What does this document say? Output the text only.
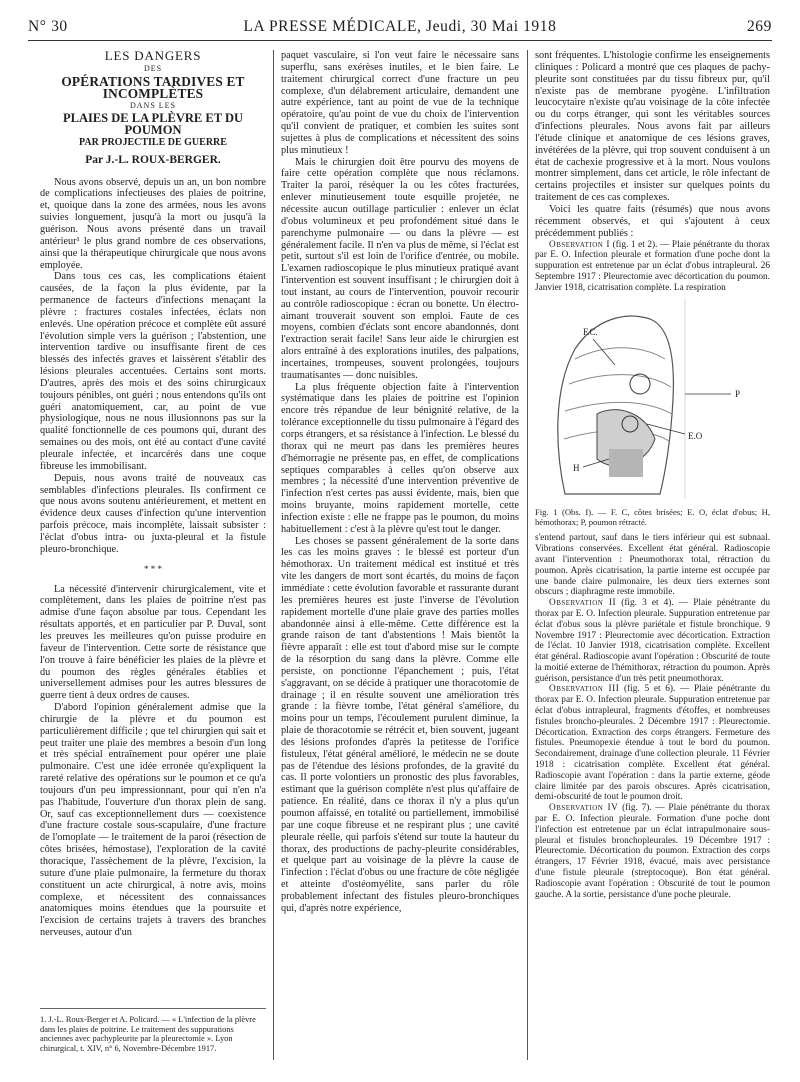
N° 30	LA PRESSE MÉDICALE, Jeudi, 30 Mai 1918	269
LES DANGERS
DES
OPÉRATIONS TARDIVES ET INCOMPLÈTES
DANS LES
PLAIES DE LA PLÈVRE ET DU POUMON
PAR PROJECTILE DE GUERRE
Par J.-L. ROUX-BERGER.

Nous avons observé, depuis un an, un bon nombre de complications infectieuses des plaies de poitrine, et, quoique dans la zone des armées, nous les avons suivies longuement, jusqu'à la mort ou jusqu'à la guérison. Nous avons présenté dans un travail antérieur¹ le plus grand nombre de ces observations, ainsi que la thérapeutique chirurgicale que nous avons employée.

Dans tous ces cas, les complications étaient causées, de la façon la plus évidente, par la permanence de facteurs d'infections menaçant la plèvre : fractures costales infectées, éclats non enlevés. Une opération précoce et complète eût assuré l'évolution simple vers la guérison ; l'abstention, une intervention tardive ou insuffisante firent de ces blessés des infectés graves et laissèrent s'établir des lésions pleurales accentuées. Certains sont morts. D'autres, après des mois et des soins chirurgicaux toujours pénibles, ont guéri ; nous entendons qu'ils ont guéri anatomiquement, car, au point de vue physiologique, nous ne nous illusionnons pas sur la qualité fonctionnelle de ces poumons qui, durant des semaines ou des mois, ont été au contact d'une cavité pleurale infectée, et incarcérés dans une coque fibreuse les immobilisant.

Depuis, nous avons traité de nouveaux cas semblables d'infections pleurales. Ils confirment ce que nous avons soutenu antérieurement, et mettent en évidence deux causes d'infection qu'une intervention parfois précoce, mais incomplète, laissait subsister : l'éclat d'obus intra- ou juxta-pleural et la fistule pleuro-bronchique.

* * *

La nécessité d'intervenir chirurgicalement, vite et complètement, dans les plaies de poitrine n'est pas admise d'une façon absolue par tous. Cependant les résultats apportés, et en particulier par P. Duval, sont les preuves les meilleures qu'on puisse produire en faveur de l'intervention. Cette sorte de résistance que l'on trouve à faire bénéficier les plaies de la plèvre et du poumon des règles générales établies et universellement admises pour les autres blessures de guerre tient à deux ordres de causes.

D'abord l'opinion généralement admise que la chirurgie de la plèvre et du poumon est particulièrement difficile ; que tel chirurgien qui sait et peut traiter une plaie des membres a besoin d'un long et très spécial entraînement pour opérer une plaie pulmonaire. C'est une idée erronée qu'expliquent la rareté relative des opérations sur le poumon et ce qu'a toujours d'un peu impressionnant, pour qui n'en n'a pas l'habitude, l'ouverture d'un thorax plein de sang. Or, sauf cas exceptionnellement durs — coexistence d'une fracture costale sous-scapulaire, d'une fracture de l'omoplate — le traitement de la paroi (résection de côtes brisées, hémostase), l'exploration de la cavité thoracique, l'assèchement de la plèvre, l'excision, la suture d'une plaie pulmonaire, la fermeture du thorax constituent un acte chirurgical, à notre avis, moins complexe, et nécessitent des connaissances anatomiques moins étendues que la poursuite et l'excision de certains trajets à travers des branches nerveuses, autour d'un

1. J.-L. Roux-Berger et A. Policard. — « L'infection de la plèvre dans les plaies de poitrine. Le traitement des suppurations anciennes avec pachypleurite par la pleurectomie ». Lyon chirurgical, t. XIV, n° 6, Novembre-Décembre 1917.

paquet vasculaire, si l'on veut faire le nécessaire sans superflu, sans exérèses inutiles, et le bien faire. Le traitement chirurgical correct d'une fracture un peu complexe, d'un délabrement articulaire, demandent une autre expérience, tant au point de vue de la technique opératoire, qu'au point de vue du choix de l'intervention qu'il convient de pratiquer, et combien les suites sont sujettes à plus de complications et nécessitent des soins plus minutieux !

Mais le chirurgien doit être pourvu des moyens de faire cette opération complète que nous réclamons. Traiter la paroi, réséquer la ou les côtes fracturées, enlever minutieusement toute esquille projetée, ne nécessite aucun outillage particulier : enlever un éclat d'obus volumineux et peu profondément situé dans le parenchyme pulmonaire — ou dans la plèvre — est généralement facile. Il n'en va plus de même, si l'éclat est petit, surtout s'il est loin de l'orifice d'entrée, ou mobile. L'examen radioscopique le plus minutieux pratiqué avant l'intervention est souvent insuffisant ; le chirurgien doit à tout instant, au cours de l'intervention, pouvoir recourir au contrôle radioscopique : écran ou bonette. Un électro-aimant trouverait souvent son emploi. Faute de ces moyens, combien d'éclats sont encore abandonnés, dont l'extraction serait facile! Sans leur aide le chirurgien est alors entraîné à des explorations inutiles, des palpations, incertaines, trompeuses, souvent prolongées, toujours traumatisantes — donc nuisibles.

La plus fréquente objection faite à l'intervention systématique dans les plaies de poitrine est l'opinion encore très répandue de leur bénignité relative, de la tolérance exceptionnelle du tissu pulmonaire à l'égard des corps étrangers, et sa résistance à l'infection. Le blessé du thorax qui ne meurt pas dans les premières heures d'hémorragie ne présente pas, en effet, de complications septiques comparables à celles qu'on observe aux membres ; la nécessité d'une intervention préventive de l'infection n'est certes pas aussi évidente, mais, bien que moins bruyante, moins rapidement mortelle, cette infection existe : elle ne frappe pas le poumon, du moins habituellement : c'est à la plèvre qu'est tout le danger.

Les choses se passent généralement de la sorte dans les cas les moins graves : le blessé est porteur d'un hémothorax. Un traitement médical est institué et très vite les dangers de mort sont écartés, du moins de façon immédiate : cette évolution favorable et rassurante durant les premières heures est juste l'inverse de l'évolution rapidement mortelle d'une plaie grave des parties molles abandonnée ainsi à elle-même. Cette différence est la grande raison de tant d'abstentions ! Mais bientôt la fièvre apparaît : elle est tout d'abord mise sur le compte de la résorption du sang dans la plèvre. Comme elle persiste, on ponctionne l'épanchement ; puis, l'état s'aggravant, on se décide à pratiquer une thoracotomie de drainage ; il en résulte souvent une amélioration très grande : la fièvre tombe, l'état général s'améliore, du moins pour un temps, l'écoulement purulent diminue, la plaie de thoracotomie se rétrécit et, bien souvent, jugeant des lésions profondes d'après la petitesse de l'orifice fistuleux, l'état général amélioré, le médecin ne se doute pas de l'étendue des lésions profondes, de la gravité du cas. Il porte volontiers un pronostic des plus favorables, estimant que la guérison complète n'est plus qu'affaire de patience. En réalité, dans ce thorax il n'y a plus qu'un poumon affaissé, en totalité ou partiellement, immobilisé par une coque fibreuse et ne respirant plus ; une cavité pleurale réelle, qui parfois s'étend sur toute la hauteur du thorax, des productions de pachy-pleurite considérables, et quelque part au voisinage de la plèvre la cause de l'infection : l'éclat d'obus ou une fracture de côte négligée et atteinte d'ostéomyélite, sans parler du rôle probablement infectant des fistules pleuro-bronchiques qui, d'après notre expérience,

sont fréquentes. L'histologie confirme les enseignements cliniques : Policard a montré que ces plaques de pachy-pleurite sont constituées par du tissu fibreux pur, qu'il n'existe pas de membrane pyogène. L'infiltration leucocytaire n'existe qu'au voisinage de la côte infectée ou du corps étranger, qui sont les véritables sources d'infections pleurales. Nous avons fait par ailleurs l'étude clinique et anatomique de ces lésions graves, invétérées de la plèvre, qui trop souvent conduisent à un état de cachexie progressive et à la mort. Nous voulons montrer simplement, dans cet article, le rôle infectant de certains projectiles et insister sur quelques points du traitement de ces cas complexes.

Voici les quatre faits (résumés) que nous avons récemment observés, et qui s'ajoutent à ceux précédemment publiés :

Observation I (fig. 1 et 2). — Plaie pénétrante du thorax par E. O. Infection pleurale et formation d'une poche dont la suppuration est entretenue par un éclat d'obus intrapleural. 26 Septembre 1917 : Pleurectomie avec décortication du poumon. Janvier 1918, cicatrisation complète. La respiration

F.C.
P
E.O
H
Fig. 1 (Obs. I). — F. C, côtes brisées; E. O, éclat d'obus; H, hémothorax; P, poumon rétracté.

s'entend partout, sauf dans le tiers inférieur qui est subnaal. Vibrations conservées. Excellent état général. Radioscopie avant l'intervention : Pneumothorax total, rétraction du poumon. Après cicatrisation, la partie interne est occupée par une bande claire pulmonaire, les deux tiers externes sont obscurs ; diaphragme reste immobile.

Observation II (fig. 3 et 4). — Plaie pénétrante du thorax par E. O. Infection pleurale. Suppuration entretenue par éclat d'obus sous la plèvre pariétale et fistule bronchique. 9 Novembre 1917 : Pleurectomie avec décortication. Extraction de l'éclat. 10 Janvier 1918, cicatrisation complète. Excellent état général. Radioscopie avant l'opération : Obscurité de toute la moitié externe de l'hémithorax, rétraction du poumon. Après guérison, persistance d'un très petit pneumothorax.

Observation III (fig. 5 et 6). — Plaie pénétrante du thorax par E. O. Infection pleurale. Suppuration entretenue par éclat d'obus intrapleural, fragments d'étoffes, et nombreuses fistules broncho-pleurales. 2 Décembre 1917 : Pleurectomie. Décortication. Extraction des corps étrangers. Fermeture des fistules. Pneumopexie étendue à tout le bord du poumon. Secondairement, drainage d'une collection pleurale. 11 Février 1918 : cicatrisation complète. Excellent état général. Radioscopie avant l'opération : dans la partie externe, géode claire limitée par des parois obscures. Après cicatrisation, demi-obscurité de tout le poumon droit.

Observation IV (fig. 7). — Plaie pénétrante du thorax par E. O. Infection pleurale. Formation d'une poche dont l'infection est entretenue par un éclat intrapulmonaire sous-pleural et fistules bronchopleurales. 19 Décembre 1917 : Pleurectomie. Décortication du poumon. Extraction des corps étrangers, 17 Février 1918, évacué, mais avec persistance d'une fistule pleurale (streptocoque). Bon état général. Radioscopie avant l'opération : Obscurité de tout le poumon gauche. A la sortie, persistance d'une poche pleurale.
